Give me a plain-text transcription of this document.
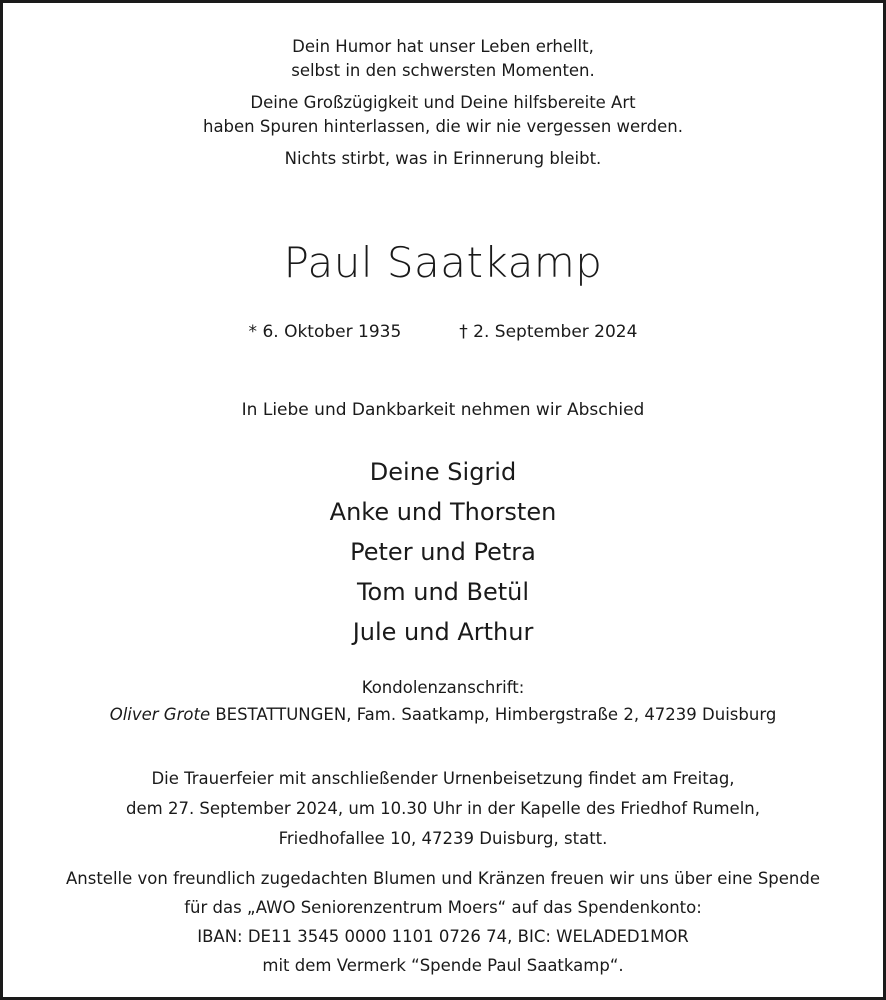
Dein Humor hat unser Leben erhellt,
selbst in den schwersten Momenten.
Deine Großzügigkeit und Deine hilfsbereite Art
haben Spuren hinterlassen, die wir nie vergessen werden.
Nichts stirbt, was in Erinnerung bleibt.
Paul Saatkamp
* 6. Oktober 1935	† 2. September 2024
In Liebe und Dankbarkeit nehmen wir Abschied
Deine Sigrid
Anke und Thorsten
Peter und Petra
Tom und Betül
Jule und Arthur
Kondolenzanschrift:
Oliver Grote BESTATTUNGEN, Fam. Saatkamp, Himbergstraße 2, 47239 Duisburg
Die Trauerfeier mit anschließender Urnenbeisetzung findet am Freitag,
dem 27. September 2024, um 10.30 Uhr in der Kapelle des Friedhof Rumeln,
Friedhofallee 10, 47239 Duisburg, statt.
Anstelle von freundlich zugedachten Blumen und Kränzen freuen wir uns über eine Spende
für das „AWO Seniorenzentrum Moers“ auf das Spendenkonto:
IBAN: DE11 3545 0000 1101 0726 74, BIC: WELADED1MOR
mit dem Vermerk “Spende Paul Saatkamp“.
